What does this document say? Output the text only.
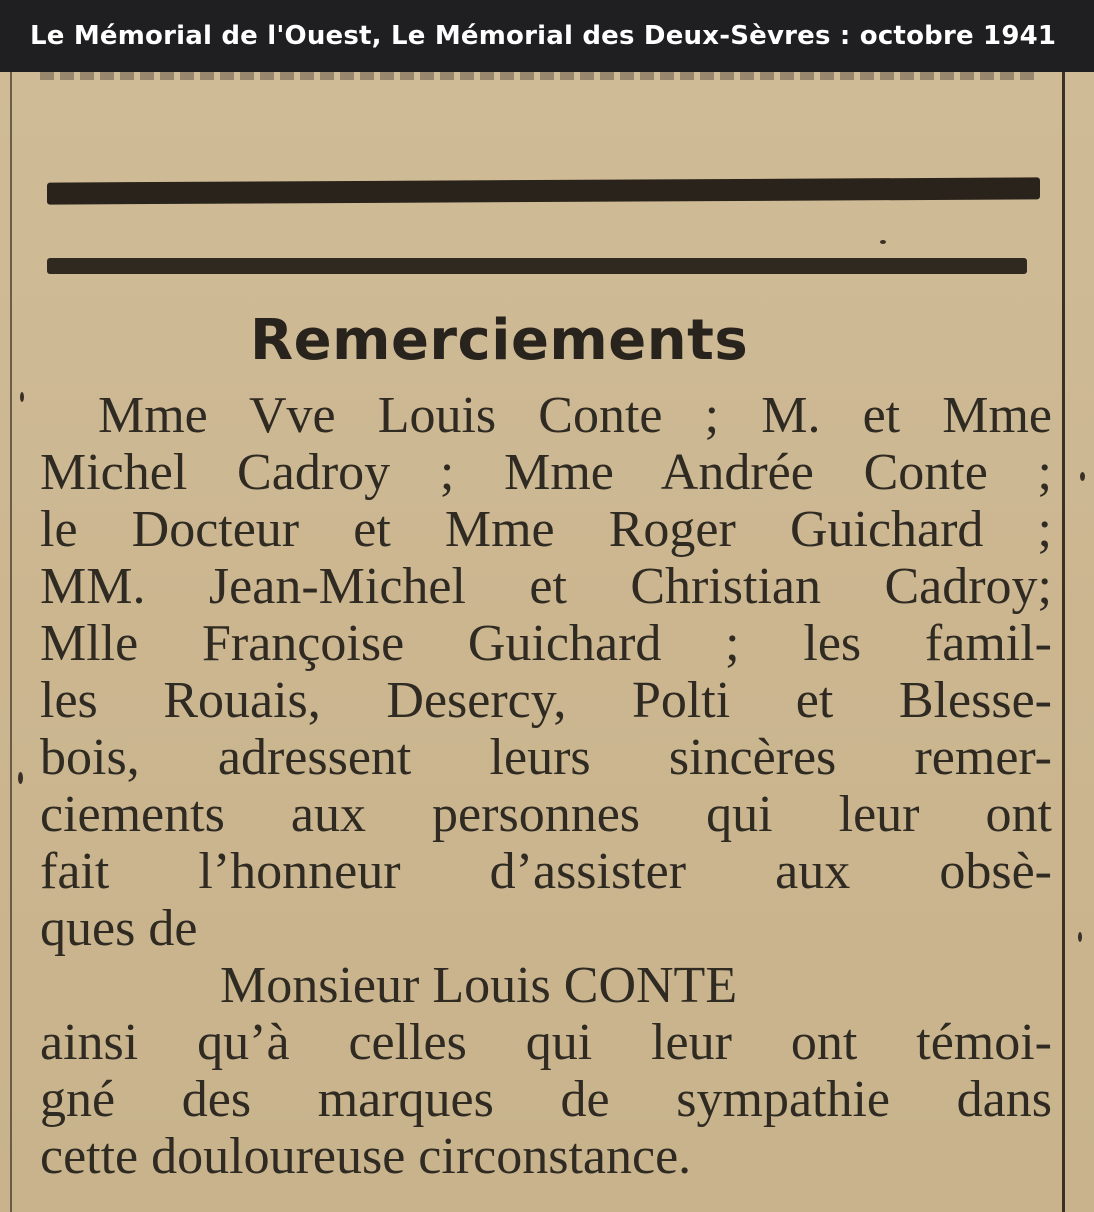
Le Mémorial de l'Ouest, Le Mémorial des Deux-Sèvres : octobre 1941
Remerciements
Mme Vve Louis Conte ; M. et Mme
Michel Cadroy ; Mme Andrée Conte ;
le Docteur et Mme Roger Guichard ;
MM. Jean-Michel et Christian Cadroy;
Mlle Françoise Guichard ; les famil-
les Rouais, Desercy, Polti et Blesse-
bois, adressent leurs sincères remer-
ciements aux personnes qui leur ont
fait l’honneur d’assister aux obsè-
ques de
Monsieur Louis CONTE
ainsi qu’à celles qui leur ont témoi-
gné des marques de sympathie dans
cette douloureuse circonstance.
